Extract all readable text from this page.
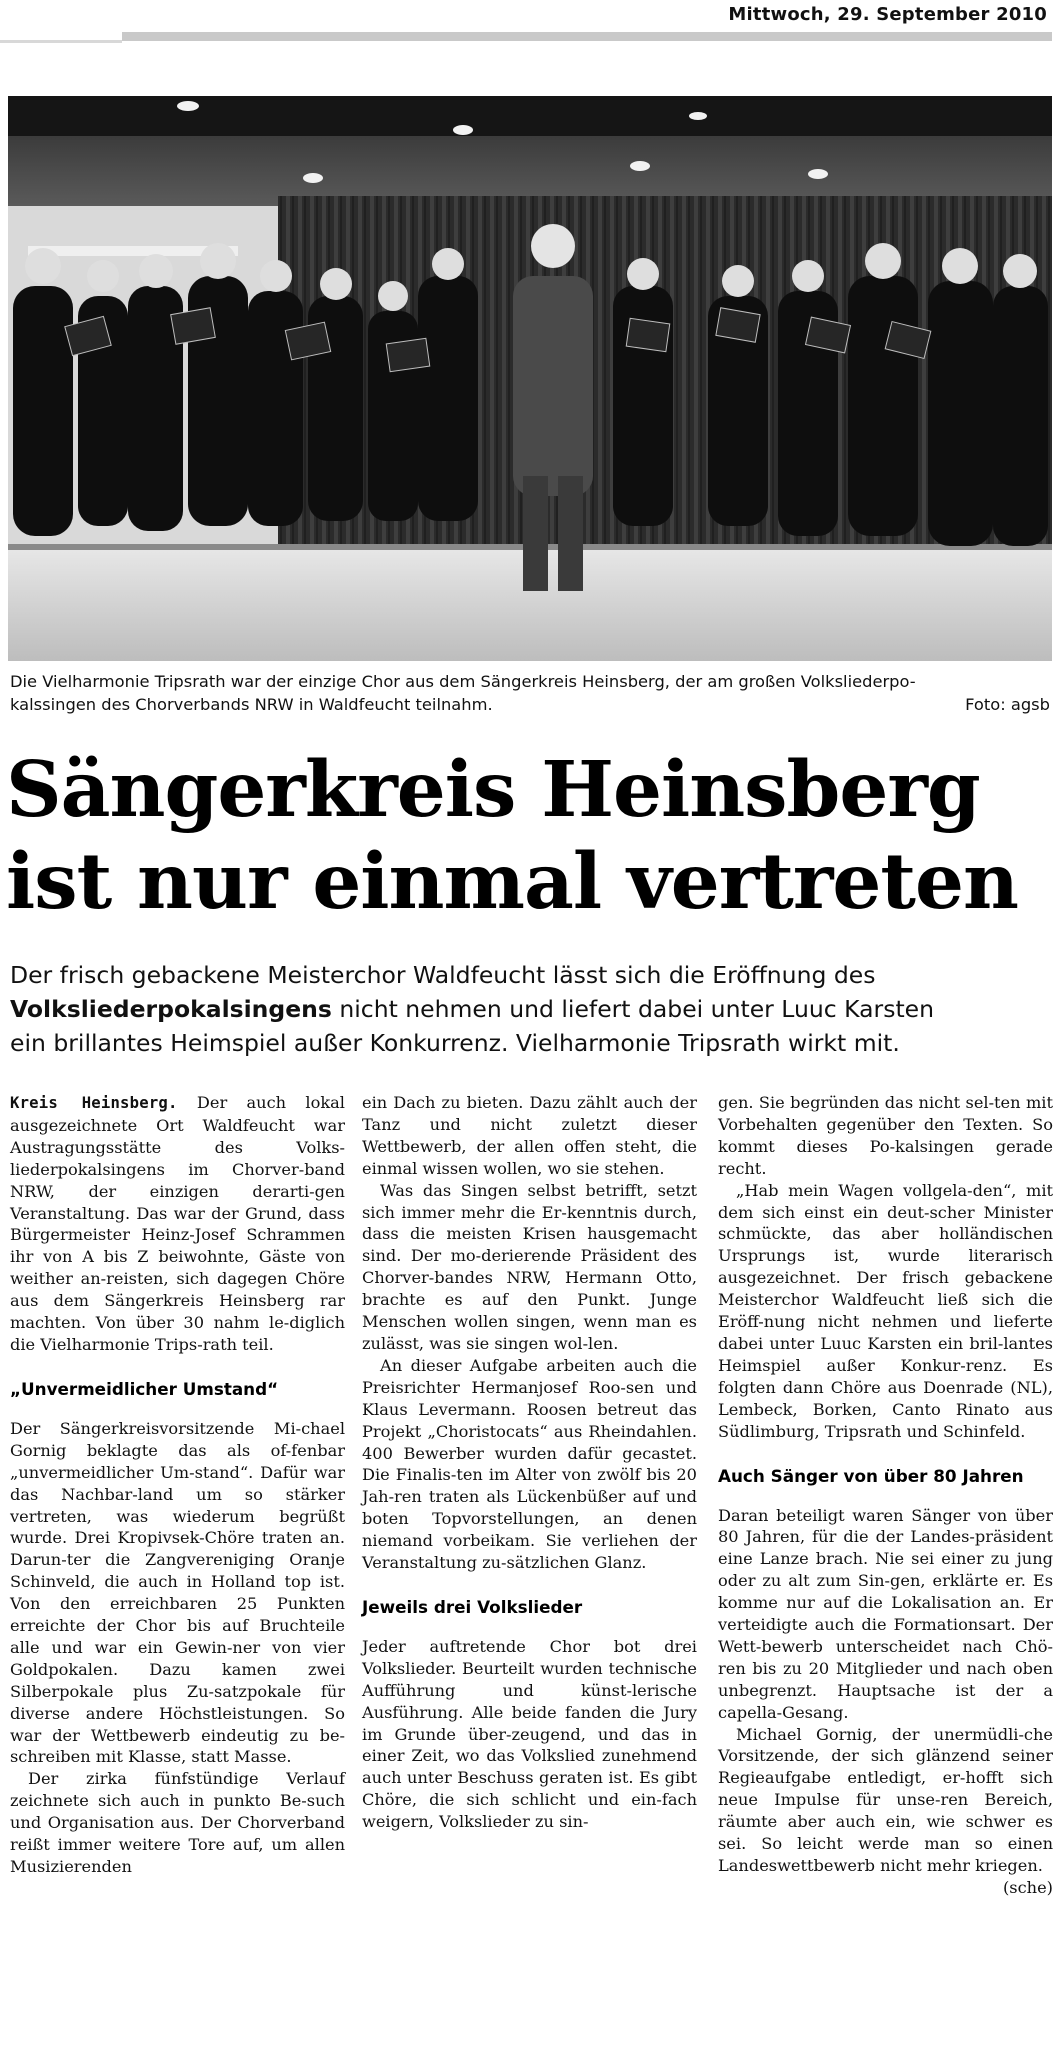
Mittwoch, 29. September 2010
Die Vielharmonie Tripsrath war der einzige Chor aus dem Sängerkreis Heinsberg, der am großen Volksliederpo-
kalssingen des Chorverbands NRW in Waldfeucht teilnahm.	Foto: agsb
Sängerkreis Heinsberg
ist nur einmal vertreten
Der frisch gebackene Meisterchor Waldfeucht lässt sich die Eröffnung des
Volksliederpokalsingens nicht nehmen und liefert dabei unter Luuc Karsten
ein brillantes Heimspiel außer Konkurrenz. Vielharmonie Tripsrath wirkt mit.

Kreis Heinsberg. Der auch lokal ausgezeichnete Ort Waldfeucht war Austragungsstätte des Volks-liederpokalsingens im Chorver-band NRW, der einzigen derarti-gen Veranstaltung. Das war der Grund, dass Bürgermeister Heinz-Josef Schrammen ihr von A bis Z beiwohnte, Gäste von weither an-reisten, sich dagegen Chöre aus dem Sängerkreis Heinsberg rar machten. Von über 30 nahm le-diglich die Vielharmonie Trips-rath teil.

„Unvermeidlicher Umstand“

Der Sängerkreisvorsitzende Mi-chael Gornig beklagte das als of-fenbar „unvermeidlicher Um-stand“. Dafür war das Nachbar-land um so stärker vertreten, was wiederum begrüßt wurde. Drei Kropivsek-Chöre traten an. Darun-ter die Zangvereniging Oranje Schinveld, die auch in Holland top ist. Von den erreichbaren 25 Punkten erreichte der Chor bis auf Bruchteile alle und war ein Gewin-ner von vier Goldpokalen. Dazu kamen zwei Silberpokale plus Zu-satzpokale für diverse andere Höchstleistungen. So war der Wettbewerb eindeutig zu be-schreiben mit Klasse, statt Masse.

Der zirka fünfstündige Verlauf zeichnete sich auch in punkto Be-such und Organisation aus. Der Chorverband reißt immer weitere Tore auf, um allen Musizierenden

ein Dach zu bieten. Dazu zählt auch der Tanz und nicht zuletzt dieser Wettbewerb, der allen offen steht, die einmal wissen wollen, wo sie stehen.

Was das Singen selbst betrifft, setzt sich immer mehr die Er-kenntnis durch, dass die meisten Krisen hausgemacht sind. Der mo-derierende Präsident des Chorver-bandes NRW, Hermann Otto, brachte es auf den Punkt. Junge Menschen wollen singen, wenn man es zulässt, was sie singen wol-len.

An dieser Aufgabe arbeiten auch die Preisrichter Hermanjosef Roo-sen und Klaus Levermann. Roosen betreut das Projekt „Choristocats“ aus Rheindahlen. 400 Bewerber wurden dafür gecastet. Die Finalis-ten im Alter von zwölf bis 20 Jah-ren traten als Lückenbüßer auf und boten Topvorstellungen, an denen niemand vorbeikam. Sie verliehen der Veranstaltung zu-sätzlichen Glanz.

Jeweils drei Volkslieder

Jeder auftretende Chor bot drei Volkslieder. Beurteilt wurden technische Aufführung und künst-lerische Ausführung. Alle beide fanden die Jury im Grunde über-zeugend, und das in einer Zeit, wo das Volkslied zunehmend auch unter Beschuss geraten ist. Es gibt Chöre, die sich schlicht und ein-fach weigern, Volkslieder zu sin-

gen. Sie begründen das nicht sel-ten mit Vorbehalten gegenüber den Texten. So kommt dieses Po-kalsingen gerade recht.

„Hab mein Wagen vollgela-den“, mit dem sich einst ein deut-scher Minister schmückte, das aber holländischen Ursprungs ist, wurde literarisch ausgezeichnet. Der frisch gebackene Meisterchor Waldfeucht ließ sich die Eröff-nung nicht nehmen und lieferte dabei unter Luuc Karsten ein bril-lantes Heimspiel außer Konkur-renz. Es folgten dann Chöre aus Doenrade (NL), Lembeck, Borken, Canto Rinato aus Südlimburg, Tripsrath und Schinfeld.

Auch Sänger von über 80 Jahren

Daran beteiligt waren Sänger von über 80 Jahren, für die der Landes-präsident eine Lanze brach. Nie sei einer zu jung oder zu alt zum Sin-gen, erklärte er. Es komme nur auf die Lokalisation an. Er verteidigte auch die Formationsart. Der Wett-bewerb unterscheidet nach Chö-ren bis zu 20 Mitglieder und nach oben unbegrenzt. Hauptsache ist der a capella-Gesang.

Michael Gornig, der unermüdli-che Vorsitzende, der sich glänzend seiner Regieaufgabe entledigt, er-hofft sich neue Impulse für unse-ren Bereich, räumte aber auch ein, wie schwer es sei. So leicht werde man so einen Landeswettbewerb nicht mehr kriegen.
(sche)
